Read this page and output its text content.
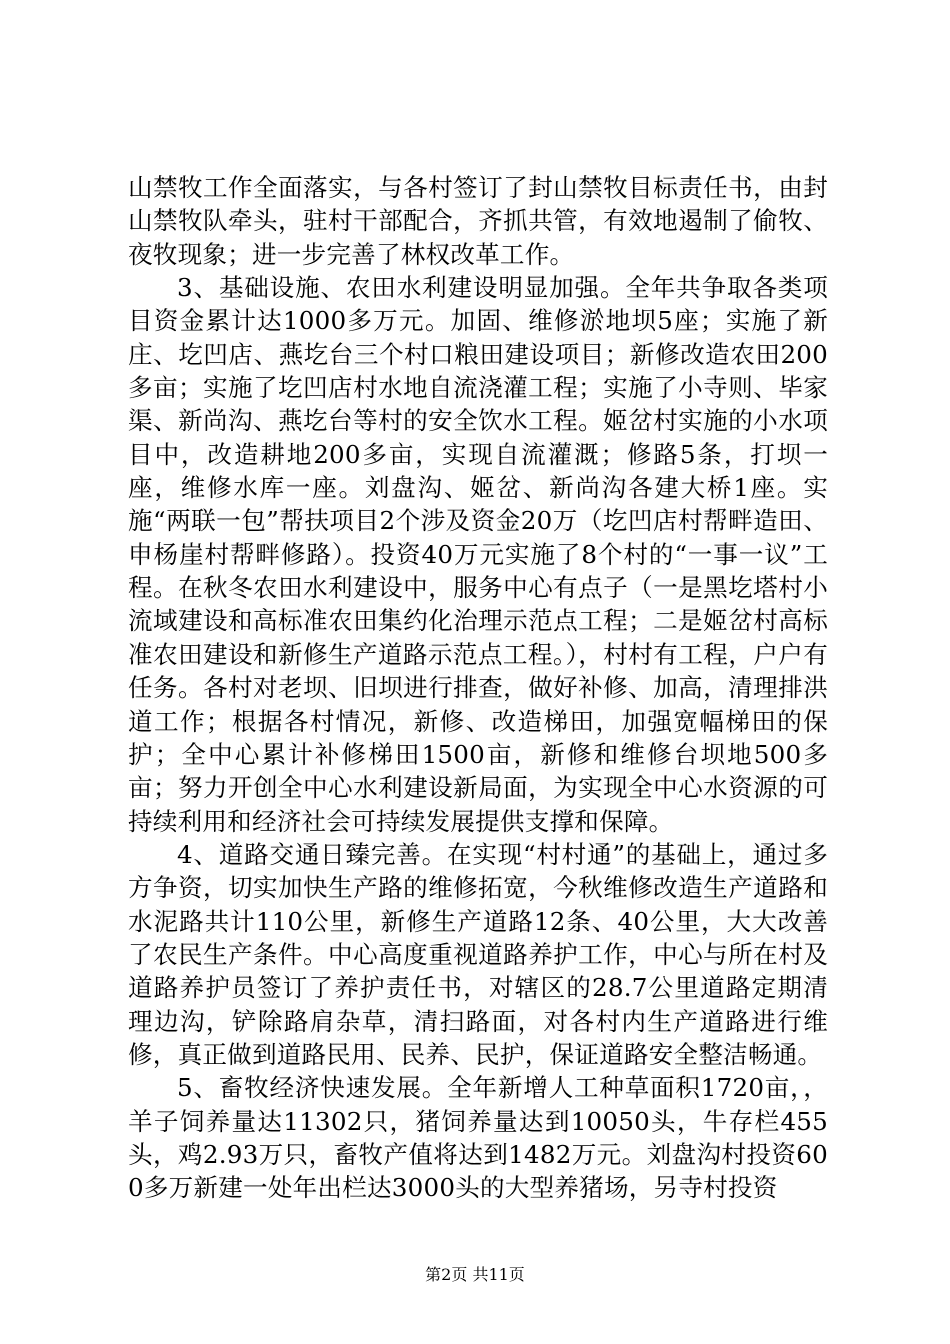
山禁牧工作全面落实，与各村签订了封山禁牧目标责任书，由封山禁牧队牵头，驻村干部配合，齐抓共管，有效地遏制了偷牧、夜牧现象；进一步完善了林权改革工作。

3、基础设施、农田水利建设明显加强。全年共争取各类项目资金累计达1000多万元。加固、维修淤地坝5座；实施了新庄、圪凹店、燕圪台三个村口粮田建设项目；新修改造农田200多亩；实施了圪凹店村水地自流浇灌工程；实施了小寺则、毕家渠、新尚沟、燕圪台等村的安全饮水工程。姬岔村实施的小水项目中，改造耕地200多亩，实现自流灌溉；修路5条，打坝一座，维修水库一座。刘盘沟、姬岔、新尚沟各建大桥1座。实施“两联一包”帮扶项目2个涉及资金20万（圪凹店村帮畔造田、申杨崖村帮畔修路）。投资40万元实施了8个村的“一事一议”工程。在秋冬农田水利建设中，服务中心有点子（一是黑圪塔村小流域建设和高标准农田集约化治理示范点工程；二是姬岔村高标准农田建设和新修生产道路示范点工程。），村村有工程，户户有任务。各村对老坝、旧坝进行排查，做好补修、加高，清理排洪道工作；根据各村情况，新修、改造梯田，加强宽幅梯田的保护；全中心累计补修梯田1500亩，新修和维修台坝地500多亩；努力开创全中心水利建设新局面，为实现全中心水资源的可持续利用和经济社会可持续发展提供支撑和保障。

4、道路交通日臻完善。在实现“村村通”的基础上，通过多方争资，切实加快生产路的维修拓宽，今秋维修改造生产道路和水泥路共计110公里，新修生产道路12条、40公里，大大改善了农民生产条件。中心高度重视道路养护工作，中心与所在村及道路养护员签订了养护责任书，对辖区的28.7公里道路定期清理边沟，铲除路肩杂草，清扫路面，对各村内生产道路进行维修，真正做到道路民用、民养、民护，保证道路安全整洁畅通。

5、畜牧经济快速发展。全年新增人工种草面积1720亩，，羊子饲养量达11302只，猪饲养量达到10050头，牛存栏455头，鸡2.93万只，畜牧产值将达到1482万元。刘盘沟村投资600多万新建一处年出栏达3000头的大型养猪场，另寺村投资

第2页 共11页
